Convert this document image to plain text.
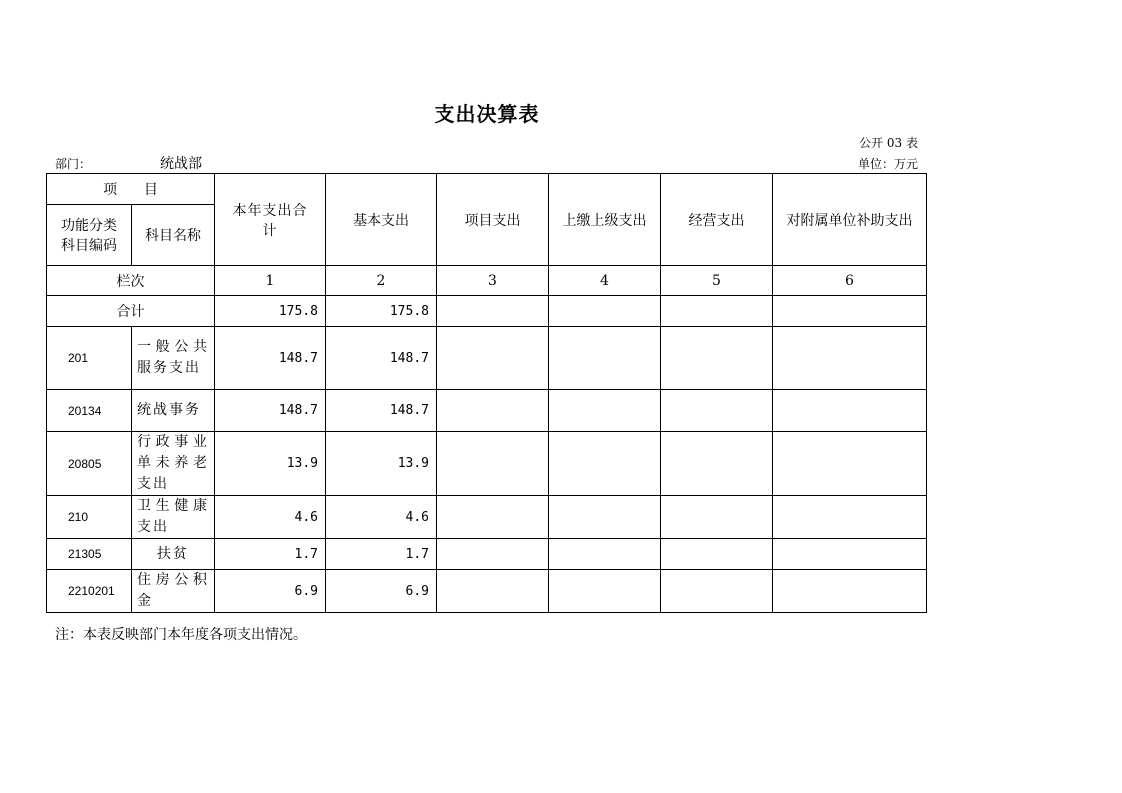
支出决算表
公开 03 表
部门：	统战部	单位：万元
项      目		本年支出合计	基本支出	项目支出	上缴上级支出	经营支出	对附属单位补助支出
功能分类科目编码	科目名称						
栏次		1	2	3	4	5	6
合计		175.8	175.8				
201	一般公共服务支出	148.7	148.7				
20134	统战事务	148.7	148.7				
20805	行政事业单未养老支出	13.9	13.9				
210	卫生健康支出	4.6	4.6				
21305	扶贫	1.7	1.7				
2210201	住房公积金	6.9	6.9				
注：本表反映部门本年度各项支出情况。
